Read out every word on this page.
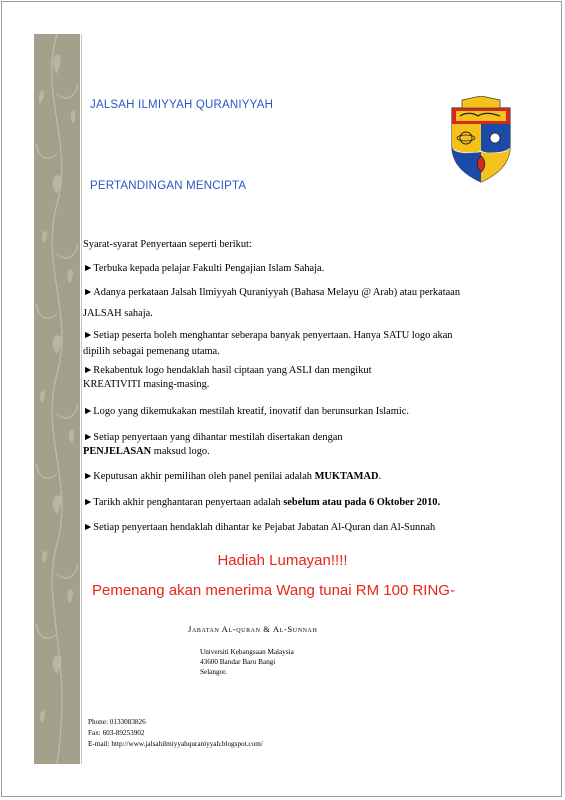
JALSAH ILMIYYAH QURANIYYAH
PERTANDINGAN MENCIPTA
Syarat-syarat Penyertaan seperti berikut:
►Terbuka kepada pelajar Fakulti Pengajian Islam Sahaja.
►Adanya perkataan Jalsah Ilmiyyah Quraniyyah (Bahasa Melayu @ Arab) atau perkataan
JALSAH sahaja.
►Setiap peserta boleh menghantar seberapa banyak penyertaan. Hanya SATU logo akan
dipilih sebagai pemenang utama.
►Rekabentuk logo hendaklah hasil ciptaan yang ASLI dan mengikut
KREATIVITI masing-masing.
►Logo yang dikemukakan mestilah kreatif, inovatif dan berunsurkan Islamic.
►Setiap penyertaan yang dihantar mestilah disertakan dengan
PENJELASAN maksud logo.
►Keputusan akhir pemilihan oleh panel penilai adalah MUKTAMAD.
►Tarikh akhir penghantaran penyertaan adalah sebelum atau pada 6 Oktober 2010.
►Setiap penyertaan hendaklah dihantar ke Pejabat Jabatan Al-Quran dan Al-Sunnah
Hadiah Lumayan!!!!
Pemenang akan menerima Wang tunai RM 100 RING-
Jabatan Al-quran & Al-Sunnah
Universiti Kebangsaan Malaysia
43600 Bandar Baru Bangi
Selangor.
Phone: 0133083826
Fax: 603-89253902
E-mail: http://www.jalsahilmiyyahquraniyyah.blogspot.com/
